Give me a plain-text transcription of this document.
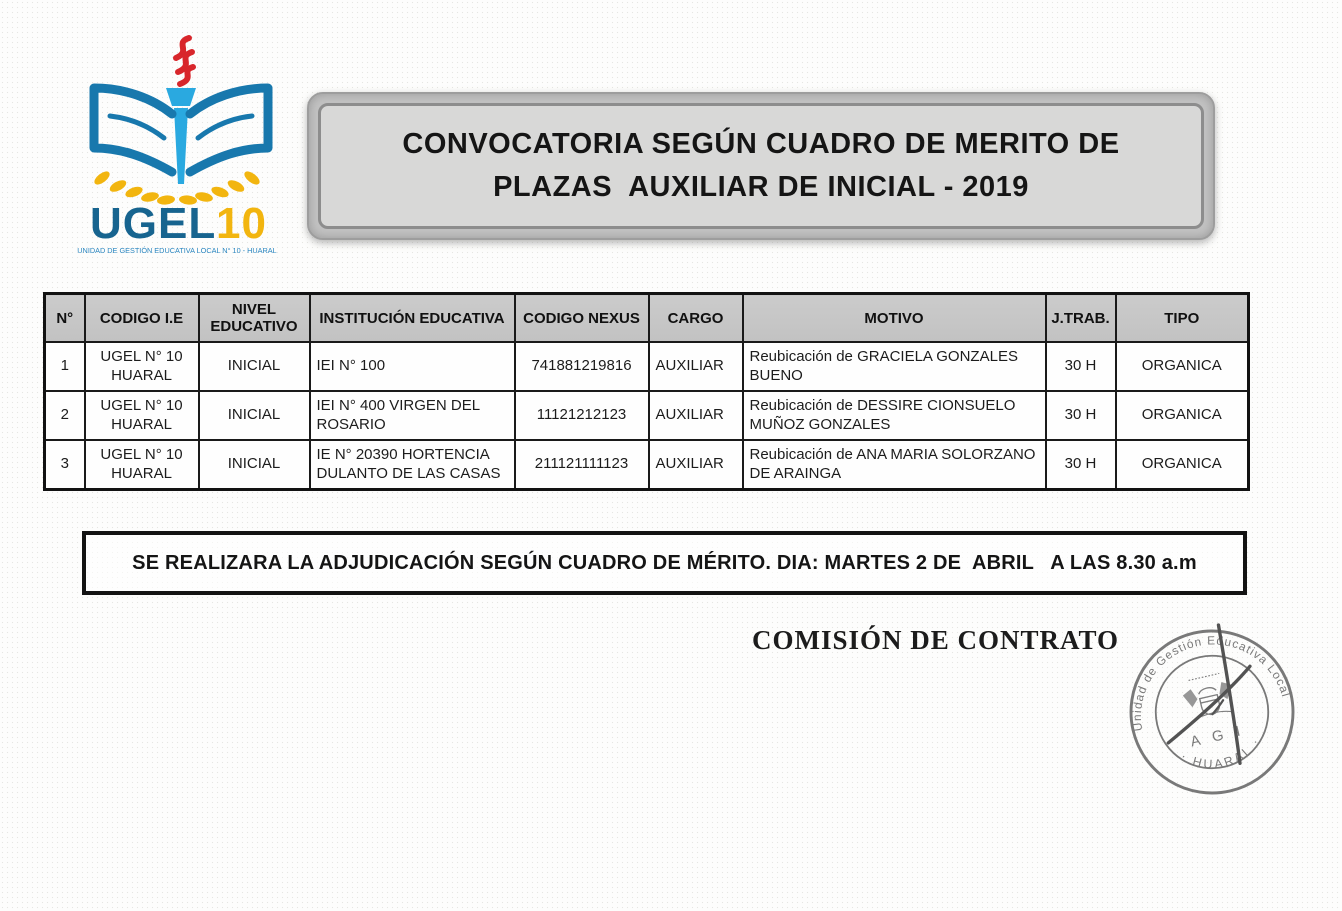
UGEL 10
UNIDAD DE GESTIÓN EDUCATIVA LOCAL N° 10 - HUARAL
CONVOCATORIA SEGÚN CUADRO DE MERITO DE
PLAZAS  AUXILIAR DE INICIAL - 2019
N°	CODIGO I.E	NIVEL EDUCATIVO	INSTITUCIÓN EDUCATIVA	CODIGO NEXUS	CARGO	MOTIVO	J.TRAB.	TIPO
1	UGEL N° 10 HUARAL	INICIAL	IEI N° 100	741881219816	AUXILIAR	Reubicación de GRACIELA GONZALES BUENO	30 H	ORGANICA
2	UGEL N° 10 HUARAL	INICIAL	IEI N° 400 VIRGEN DEL ROSARIO	11121212123	AUXILIAR	Reubicación de DESSIRE CIONSUELO MUÑOZ GONZALES	30 H	ORGANICA
3	UGEL N° 10 HUARAL	INICIAL	IE N° 20390 HORTENCIA DULANTO DE LAS CASAS	211121111123	AUXILIAR	Reubicación de ANA MARIA SOLORZANO DE ARAINGA	30 H	ORGANICA
SE REALIZARA LA ADJUDICACIÓN SEGÚN CUADRO DE MÉRITO. DIA: MARTES 2 DE  ABRIL   A LAS 8.30 a.m
COMISIÓN DE CONTRATO
Unidad de Gestión Educativa Local
· HUARAL ·
A G I
